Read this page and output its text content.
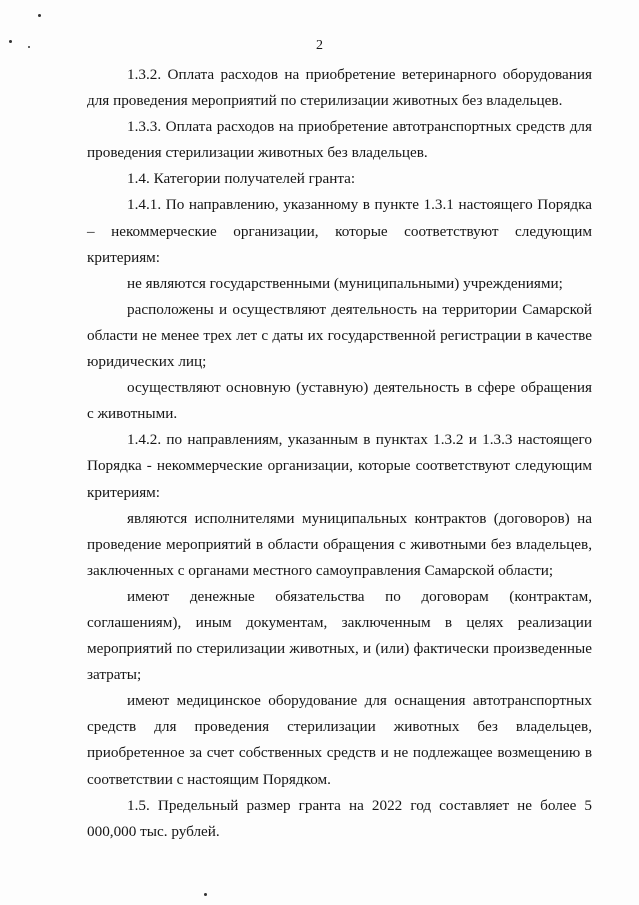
2

1.3.2. Оплата расходов на приобретение ветеринарного оборудования для проведения мероприятий по стерилизации животных без владельцев.

1.3.3. Оплата расходов на приобретение автотранспортных средств для проведения стерилизации животных без владельцев.

1.4. Категории получателей гранта:

1.4.1. По направлению, указанному в пункте 1.3.1 настоящего Порядка – некоммерческие организации, которые соответствуют следующим критериям:

не являются государственными (муниципальными) учреждениями;

расположены и осуществляют деятельность на территории Самарской области не менее трех лет с даты их государственной регистрации в качестве юридических лиц;

осуществляют основную (уставную) деятельность в сфере обращения с животными.

1.4.2. по направлениям, указанным в пунктах 1.3.2 и 1.3.3 настоящего Порядка - некоммерческие организации, которые соответствуют следующим критериям:

являются исполнителями муниципальных контрактов (договоров) на проведение мероприятий в области обращения с животными без владельцев, заключенных с органами местного самоуправления Самарской области;

имеют денежные обязательства по договорам (контрактам, соглашениям), иным документам, заключенным в целях реализации мероприятий по стерилизации животных, и (или) фактически произведенные затраты;

имеют медицинское оборудование для оснащения автотранспортных средств для проведения стерилизации животных без владельцев, приобретенное за счет собственных средств и не подлежащее возмещению в соответствии с настоящим Порядком.

1.5. Предельный размер гранта на 2022 год составляет не более 5 000,000 тыс. рублей.
